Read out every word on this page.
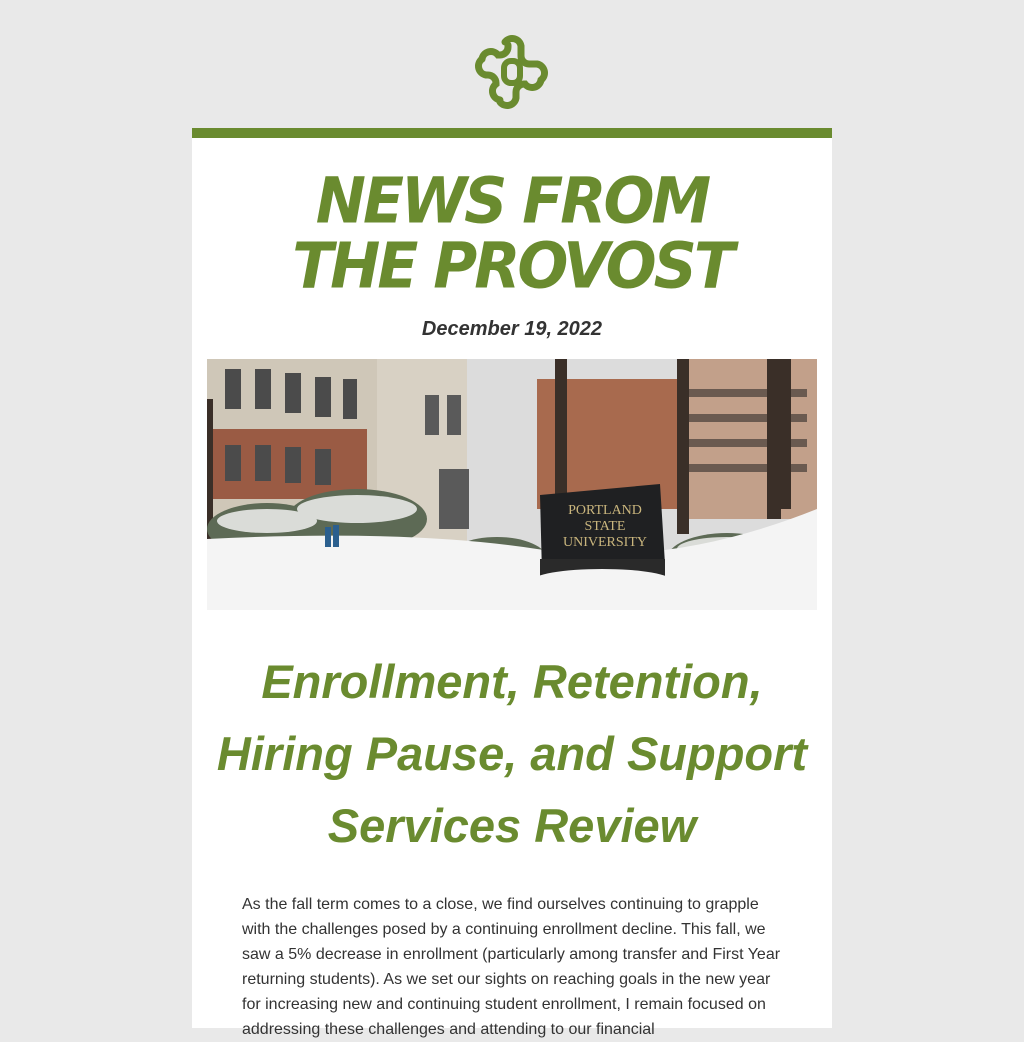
NEWS FROM
THE PROVOST
December 19, 2022
PORTLAND
STATE
UNIVERSITY
Enrollment, Retention,
Hiring Pause, and Support
Services Review

As the fall term comes to a close, we find ourselves continuing to grapple with the challenges posed by a continuing enrollment decline. This fall, we saw a 5% decrease in enrollment (particularly among transfer and First Year returning students). As we set our sights on reaching goals in the new year for increasing new and continuing student enrollment, I remain focused on addressing these challenges and attending to our financial
